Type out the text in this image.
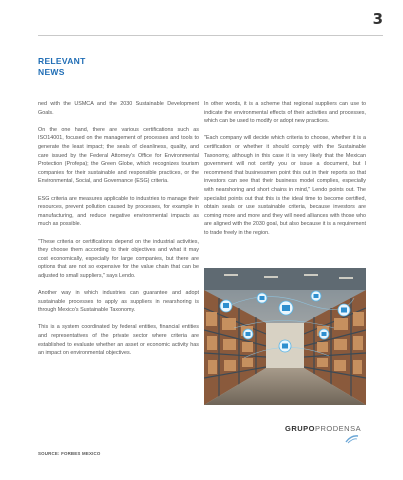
3
RELEVANT
NEWS

ned with the USMCA and the 2030 Sustainable Development Goals.

On the one hand, there are various certifications such as ISO14001, focused on the management of processes and tools to generate the least impact; the seals of cleanliness, quality, and care issued by the Federal Attorney's Office for Environmental Protection (Profepa); the Green Globe, which recognizes tourism companies for their sustainable and responsible practices, or the Environmental, Social, and Governance (ESG) criteria.

ESG criteria are measures applicable to industries to manage their resources, prevent pollution caused by processes, for example in manufacturing, and reduce negative environmental impacts as much as possible.

"These criteria or certifications depend on the industrial activities, they choose them according to their objectives and what it may cost economically, especially for large companies, but there are options that are not so expensive for the value chain that can be adjusted to small suppliers," says Lendo.

Another way in which industries can guarantee and adopt sustainable processes to apply as suppliers in nearshoring is through Mexico's Sustainable Taxonomy.

This is a system coordinated by federal entities, financial entities and representatives of the private sector where criteria are established to evaluate whether an asset or economic activity has an impact on environmental objectives.

In other words, it is a scheme that regional suppliers can use to indicate the environmental effects of their activities and processes, which can be used to modify or adopt new practices.

"Each company will decide which criteria to choose, whether it is a certification or whether it should comply with the Sustainable Taxonomy, although in this case it is very likely that the Mexican government will not certify you or issue a document, but I recommend that businessmen point this out in their reports so that investors can see that their business model complies, especially with nearshoring and short chains in mind," Lendo points out. The specialist points out that this is the ideal time to become certified, obtain seals or use sustainable criteria, because investors are coming more and more and they will need alliances with those who are aligned with the 2030 goal, but also because it is a requirement to trade freely in the region.

SOURCE: FORBES MEXICO
GRUPOPRODENSA
